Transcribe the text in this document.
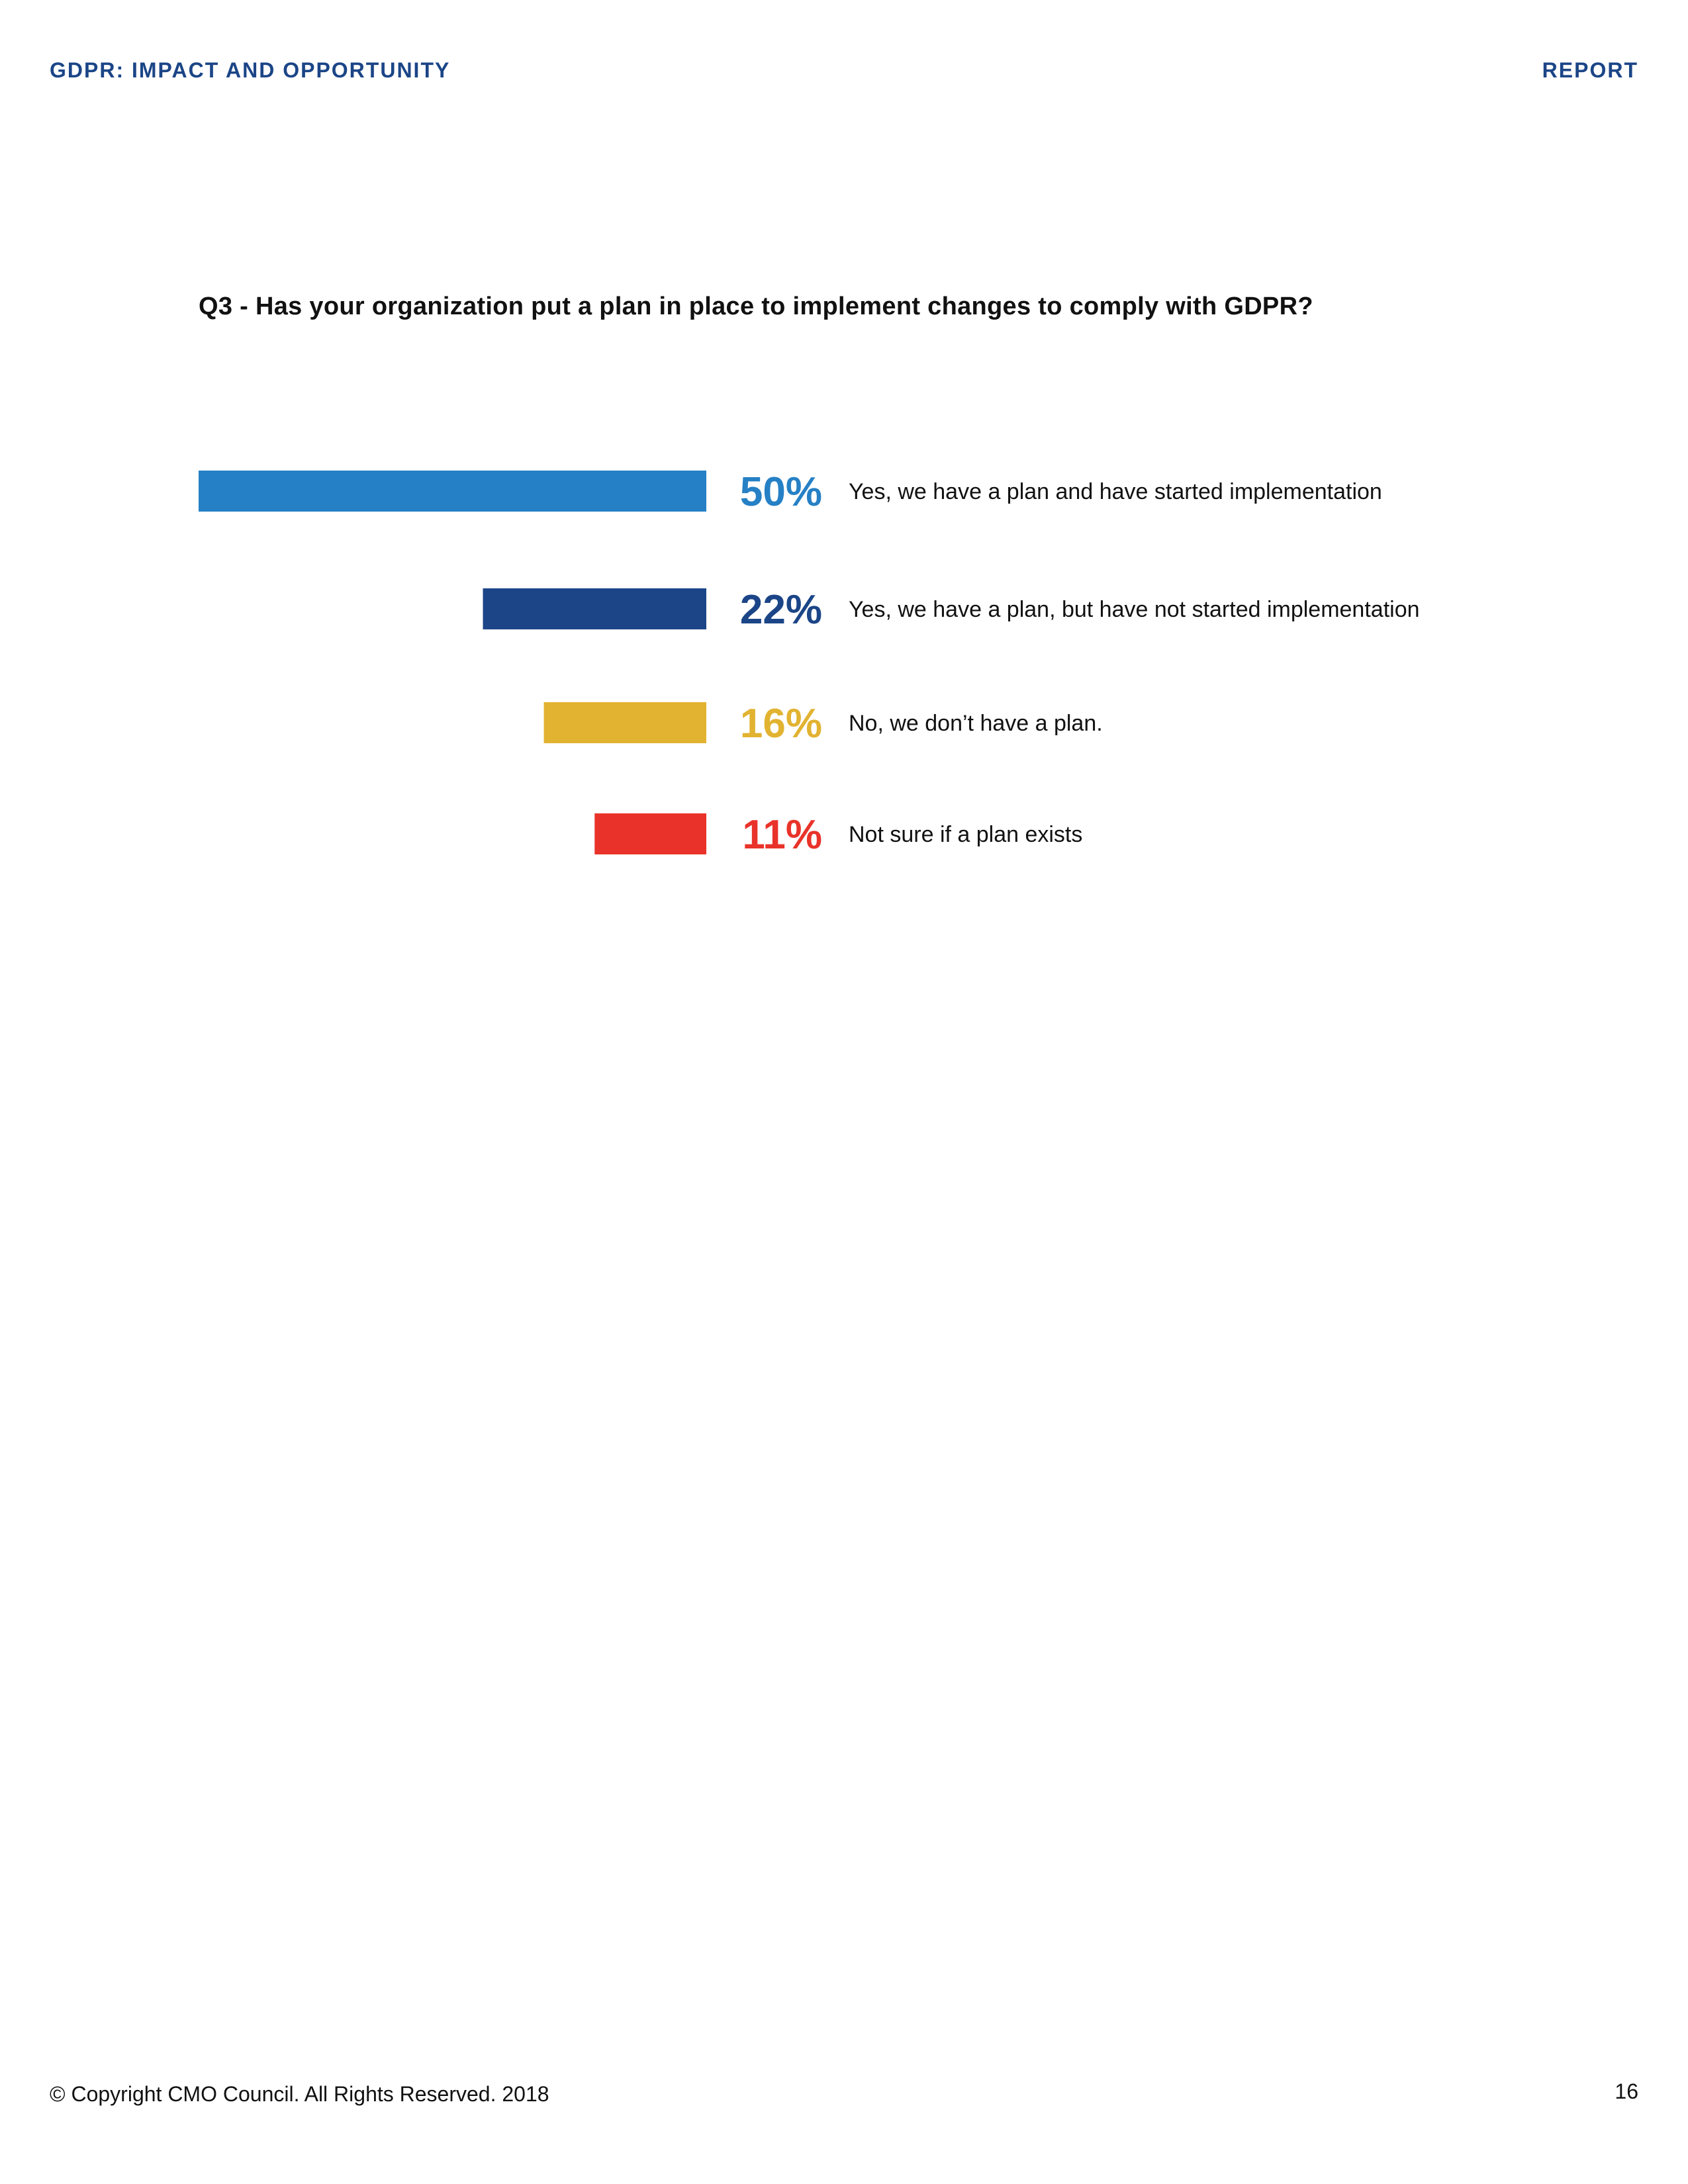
GDPR: IMPACT AND OPPORTUNITY	REPORT
Q3 - Has your organization put a plan in place to implement changes to comply with GDPR?
50% Yes, we have a plan and have started implementation
22% Yes, we have a plan, but have not started implementation
16% No, we don’t have a plan.
11% Not sure if a plan exists
© Copyright CMO Council. All Rights Reserved. 2018	16
